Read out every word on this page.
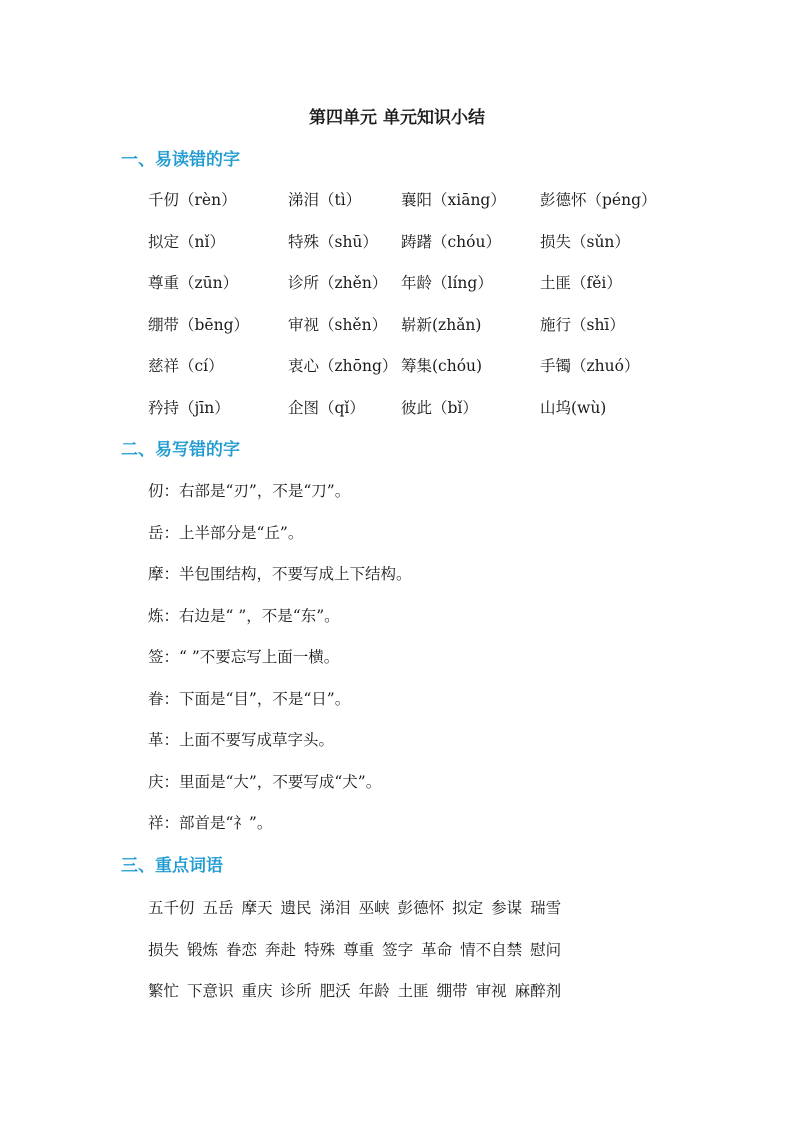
第四单元 单元知识小结
一、易读错的字
千仞（rèn）	涕泪（tì）	襄阳（xiāng） 彭德怀（péng）
拟定（nǐ）	特殊（shū） 踌躇（chóu）	损失（sǔn）
尊重（zūn）	诊所（zhěn） 年龄（líng）	土匪（fěi）
绷带（bēng）	审视（shěn） 崭新(zhǎn)	施行（shī）
慈祥（cí）	衷心（zhōng） 筹集(chóu)	手镯（zhuó）
矜持（jīn）	企图（qǐ） 彼此（bǐ）	山坞(wù)
二、易写错的字
仞：右部是“刃”，不是“刀”。
岳：上半部分是“丘”。
摩：半包围结构，不要写成上下结构。
炼：右边是“ ”，不是“东”。
签：“ ”不要忘写上面一横。
眷：下面是“目”，不是“日”。
革：上面不要写成草字头。
庆：里面是“大”，不要写成“犬”。
祥：部首是“礻”。
三、重点词语
五千仞 五岳 摩天 遗民 涕泪 巫峡 彭德怀 拟定 参谋 瑞雪
损失 锻炼 眷恋 奔赴 特殊 尊重 签字 革命 情不自禁 慰问
繁忙 下意识 重庆 诊所 肥沃 年龄 土匪 绷带 审视 麻醉剂
